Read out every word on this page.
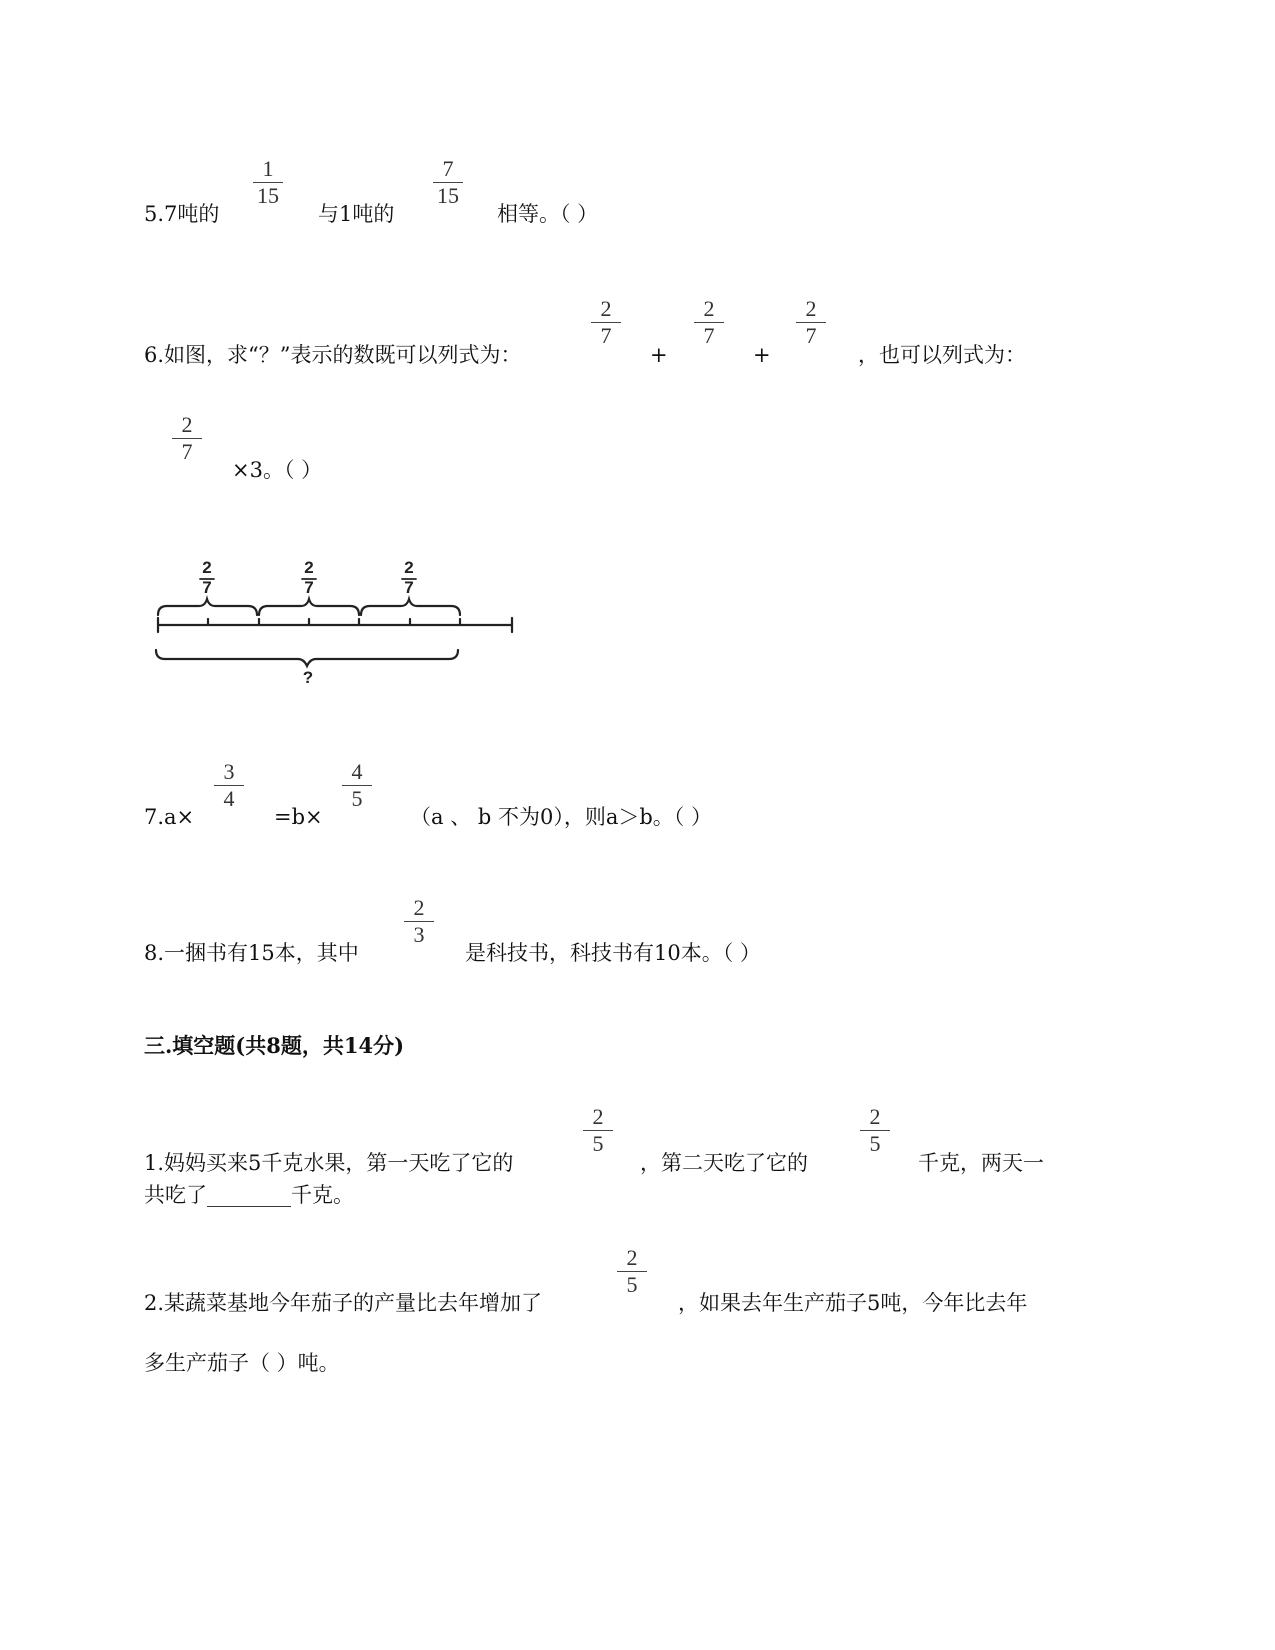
5.7吨的
1
15
与1吨的
7
15
相等。（ ）
6.如图，求“？”表示的数既可以列式为：
2
7
+
2
7
+
2
7
，也可以列式为：
2
7
×3。（ ）
2
7
2
7
2
7
?
7.a×
3
4
=b×
4
5
（a 、 b 不为0），则a＞b。（ ）
8.一捆书有15本，其中
2
3
是科技书，科技书有10本。（ ）
三.填空题(共8题，共14分)
1.妈妈买来5千克水果，第一天吃了它的
2
5
，第二天吃了它的
2
5
千克，两天一
共吃了________千克。
2.某蔬菜基地今年茄子的产量比去年增加了
2
5
，如果去年生产茄子5吨，今年比去年
多生产茄子（ ）吨。
